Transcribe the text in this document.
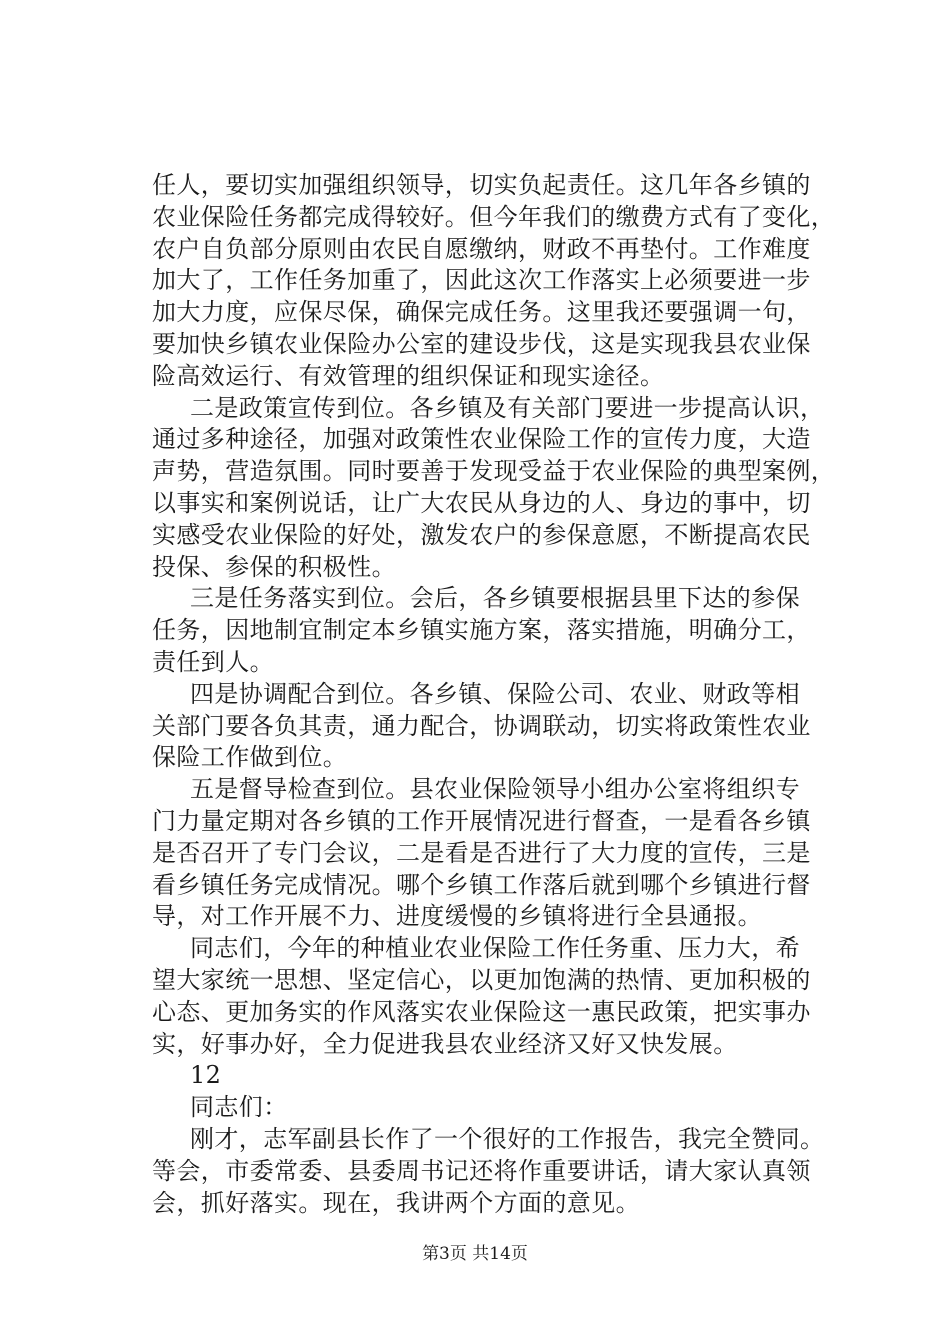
任人，要切实加强组织领导，切实负起责任。这几年各乡镇的
农业保险任务都完成得较好。但今年我们的缴费方式有了变化，
农户自负部分原则由农民自愿缴纳，财政不再垫付。工作难度
加大了，工作任务加重了，因此这次工作落实上必须要进一步
加大力度，应保尽保，确保完成任务。这里我还要强调一句，
要加快乡镇农业保险办公室的建设步伐，这是实现我县农业保
险高效运行、有效管理的组织保证和现实途径。
二是政策宣传到位。各乡镇及有关部门要进一步提高认识，
通过多种途径，加强对政策性农业保险工作的宣传力度，大造
声势，营造氛围。同时要善于发现受益于农业保险的典型案例，
以事实和案例说话，让广大农民从身边的人、身边的事中，切
实感受农业保险的好处，激发农户的参保意愿，不断提高农民
投保、参保的积极性。
三是任务落实到位。会后，各乡镇要根据县里下达的参保
任务，因地制宜制定本乡镇实施方案，落实措施，明确分工，
责任到人。
四是协调配合到位。各乡镇、保险公司、农业、财政等相
关部门要各负其责，通力配合，协调联动，切实将政策性农业
保险工作做到位。
五是督导检查到位。县农业保险领导小组办公室将组织专
门力量定期对各乡镇的工作开展情况进行督查，一是看各乡镇
是否召开了专门会议，二是看是否进行了大力度的宣传，三是
看乡镇任务完成情况。哪个乡镇工作落后就到哪个乡镇进行督
导，对工作开展不力、进度缓慢的乡镇将进行全县通报。
同志们，今年的种植业农业保险工作任务重、压力大，希
望大家统一思想、坚定信心，以更加饱满的热情、更加积极的
心态、更加务实的作风落实农业保险这一惠民政策，把实事办
实，好事办好，全力促进我县农业经济又好又快发展。
12
同志们：
刚才，志军副县长作了一个很好的工作报告，我完全赞同。
等会，市委常委、县委周书记还将作重要讲话，请大家认真领
会，抓好落实。现在，我讲两个方面的意见。
第3页 共14页
